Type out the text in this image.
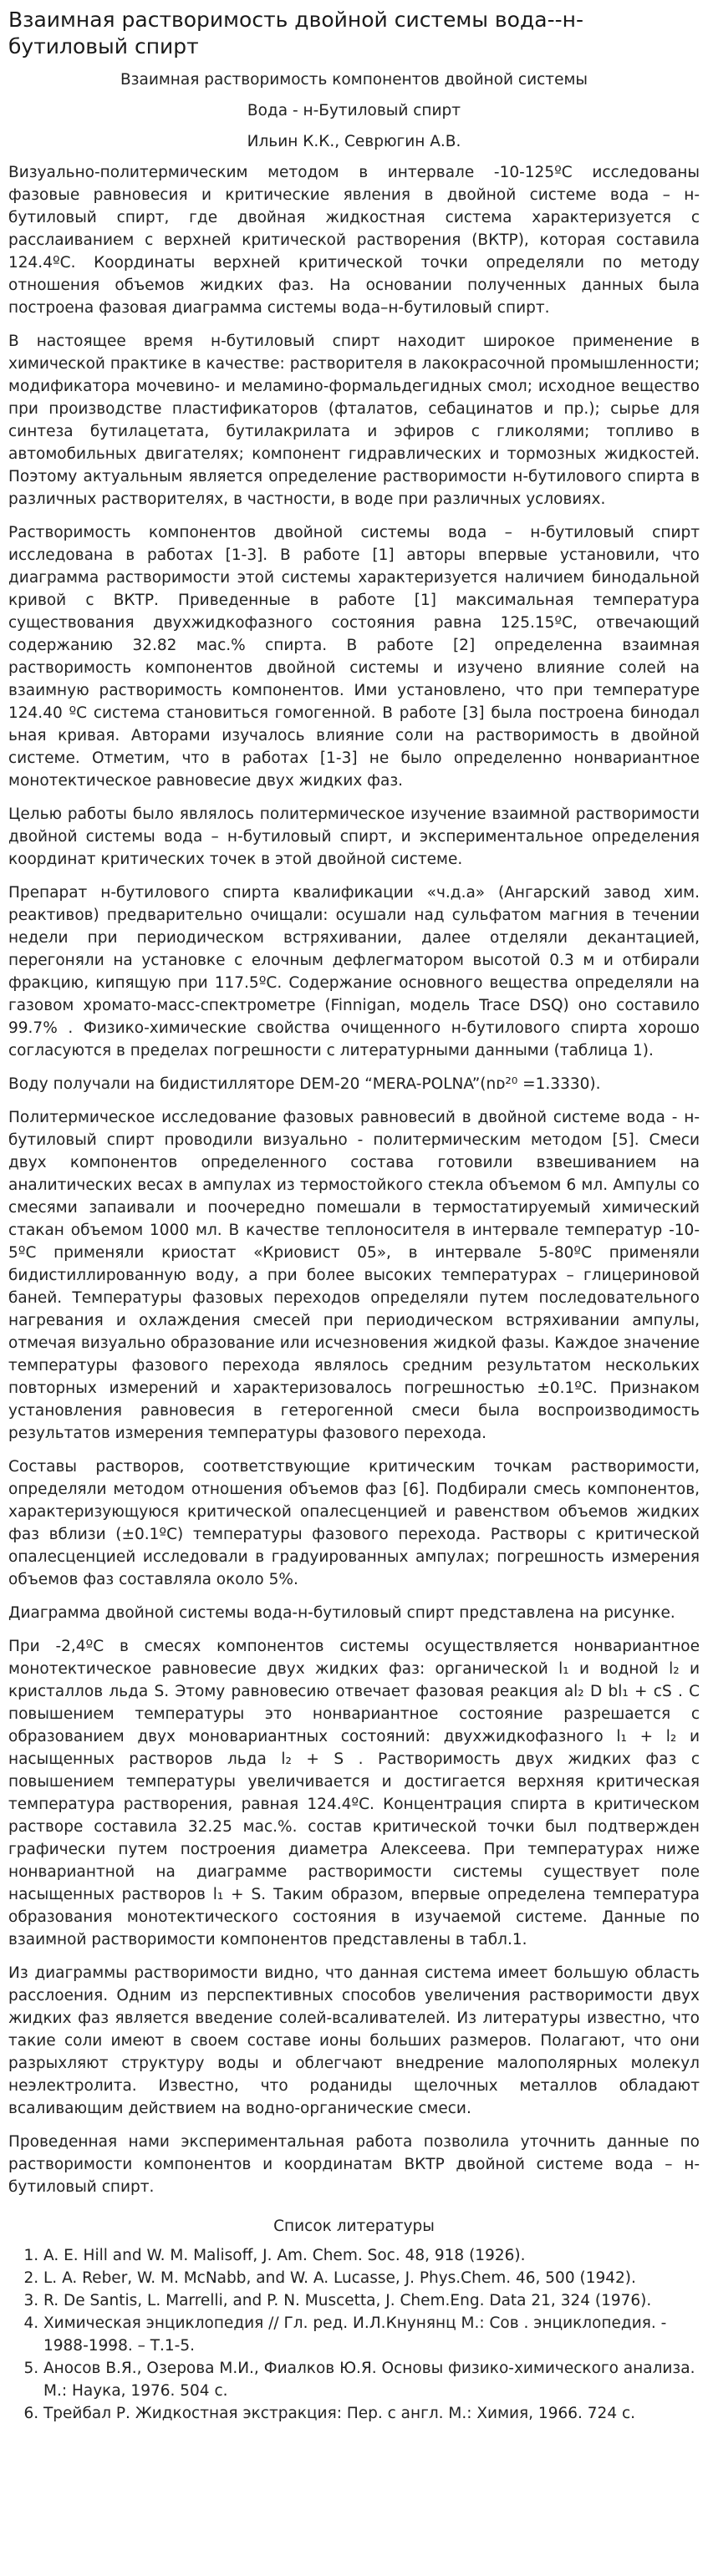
Взаимная растворимость двойной системы вода--н-бутиловый спирт
Взаимная растворимость компонентов двойной системы
Вода - н-Бутиловый спирт
Ильин К.К., Севрюгин А.В.

Визуально-политермическим методом в интервале -10-125ºС исследованы фазовые равновесия и критические явления в двойной системе вода – н-бутиловый спирт, где двойная жидкостная система характеризуется с расслаиванием с верхней критической растворения (ВКТР), которая составила 124.4ºС. Координаты верхней критической точки определяли по методу отношения объемов жидких фаз. На основании полученных данных была построена фазовая диаграмма системы вода–н-бутиловый спирт.

В настоящее время н-бутиловый спирт находит широкое применение в химической практике в качестве: растворителя в лакокрасочной промышленности; модификатора мочевино- и меламино-формальдегидных смол; исходное вещество при производстве пластификаторов (фталатов, себацинатов и пр.); сырье для синтеза бутилацетата, бутилакрилата и эфиров с гликолями; топливо в автомобильных двигателях; компонент гидравлических и тормозных жидкостей. Поэтому актуальным является определение растворимости н-бутилового спирта в различных растворителях, в частности, в воде при различных условиях.

Растворимость компонентов двойной системы вода – н-бутиловый спирт исследована в работах [1-3]. В работе [1] авторы впервые установили, что диаграмма растворимости этой системы характеризуется наличием бинодальной кривой с ВКТР. Приведенные в работе [1] максимальная температура существования двухжидкофазного состояния равна 125.15ºС, отвечающий содержанию 32.82 мас.% спирта. В работе [2] определенна взаимная растворимость компонентов двойной системы и изучено влияние солей на взаимную растворимость компонентов. Ими установлено, что при температуре 124.40 ºС система становиться гомогенной. В работе [3] была построена бинодал ьная кривая. Авторами изучалось влияние соли на растворимость в двойной системе. Отметим, что в работах [1-3] не было определенно нонвариантное монотектическое равновесие двух жидких фаз.

Целью работы было являлось политермическое изучение взаимной растворимости двойной системы вода – н-бутиловый спирт, и экспериментальное определения координат критических точек в этой двойной системе.

Препарат н-бутилового спирта квалификации «ч.д.а» (Ангарский завод хим. реактивов) предварительно очищали: осушали над сульфатом магния в течении недели при периодическом встряхивании, далее отделяли декантацией, перегоняли на установке с елочным дефлегматором высотой 0.3 м и отбирали фракцию, кипящую при 117.5ºС. Содержание основного вещества определяли на газовом хромато-масс-спектрометре (Finnigan, модель Trace DSQ) оно составило 99.7% . Физико-химические свойства очищенного н-бутилового спирта хорошо согласуются в пределах погрешности с литературными данными (таблица 1).

Воду получали на бидистилляторе DEM-20 “MERA-POLNA”(nᴅ²⁰ =1.3330).

Политермическое исследование фазовых равновесий в двойной системе вода - н-бутиловый спирт проводили визуально - политермическим методом [5]. Смеси двух компонентов определенного состава готовили взвешиванием на аналитических весах в ампулах из термостойкого стекла объемом 6 мл. Ампулы со смесями запаивали и поочередно помешали в термостатируемый химический стакан объемом 1000 мл. В качестве теплоносителя в интервале температур -10-5ºС применяли криостат «Криовист 05», в интервале 5-80ºС применяли бидистиллированную воду, а при более высоких температурах – глицериновой баней. Температуры фазовых переходов определяли путем последовательного нагревания и охлаждения смесей при периодическом встряхивании ампулы, отмечая визуально образование или исчезновения жидкой фазы. Каждое значение температуры фазового перехода являлось средним результатом нескольких повторных измерений и характеризовалось погрешностью ±0.1ºС. Признаком установления равновесия в гетерогенной смеси была воспроизводимость результатов измерения температуры фазового перехода.

Составы растворов, соответствующие критическим точкам растворимости, определяли методом отношения объемов фаз [6]. Подбирали смесь компонентов, характеризующуюся критической опалесценцией и равенством объемов жидких фаз вблизи (±0.1ºС) температуры фазового перехода. Растворы с критической опалесценцией исследовали в градуированных ампулах; погрешность измерения объемов фаз составляла около 5%.

Диаграмма двойной системы вода-н-бутиловый спирт представлена на рисунке.

При -2,4ºС в смесях компонентов системы осуществляется нонвариантное монотектическое равновесие двух жидких фаз: органической l₁ и водной l₂ и кристаллов льда S. Этому равновесию отвечает фазовая реакция al₂ D bl₁ + cS . С повышением температуры это нонвариантное состояние разрешается с образованием двух моновариантных состояний: двухжидкофазного l₁ + l₂ и насыщенных растворов льда l₂ + S . Растворимость двух жидких фаз с повышением температуры увеличивается и достигается верхняя критическая температура растворения, равная 124.4ºС. Концентрация спирта в критическом растворе составила 32.25 мас.%. состав критической точки был подтвержден графически путем построения диаметра Алексеева. При температурах ниже нонвариантной на диаграмме растворимости системы существует поле насыщенных растворов l₁ + S. Таким образом, впервые определена температура образования монотектического состояния в изучаемой системе. Данные по взаимной растворимости компонентов представлены в табл.1.

Из диаграммы растворимости видно, что данная система имеет большую область расслоения. Одним из перспективных способов увеличения растворимости двух жидких фаз является введение солей-всаливателей. Из литературы известно, что такие соли имеют в своем составе ионы больших размеров. Полагают, что они разрыхляют структуру воды и облегчают внедрение малополярных молекул неэлектролита. Известно, что роданиды щелочных металлов обладают всаливающим действием на водно-органические смеси.

Проведенная нами экспериментальная работа позволила уточнить данные по растворимости компонентов и координатам ВКТР двойной системе вода – н-бутиловый спирт.

Список литературы
1. A. E. Hill and W. M. Malisoff, J. Am. Chem. Soc. 48, 918 (1926).
2. L. A. Reber, W. M. McNabb, and W. A. Lucasse, J. Phys.Chem. 46, 500 (1942).
3. R. De Santis, L. Marrelli, and P. N. Muscetta, J. Chem.Eng. Data 21, 324 (1976).
4. Химическая энциклопедия // Гл. ред. И.Л.Кнунянц М.: Сов . энциклопедия. - 1988-1998. – Т.1-5.
5. Аносов В.Я., Озерова М.И., Фиалков Ю.Я. Основы физико-химического анализа. М.: Наука, 1976. 504 с.
6. Трейбал Р. Жидкостная экстракция: Пер. с англ. М.: Химия, 1966. 724 с.
